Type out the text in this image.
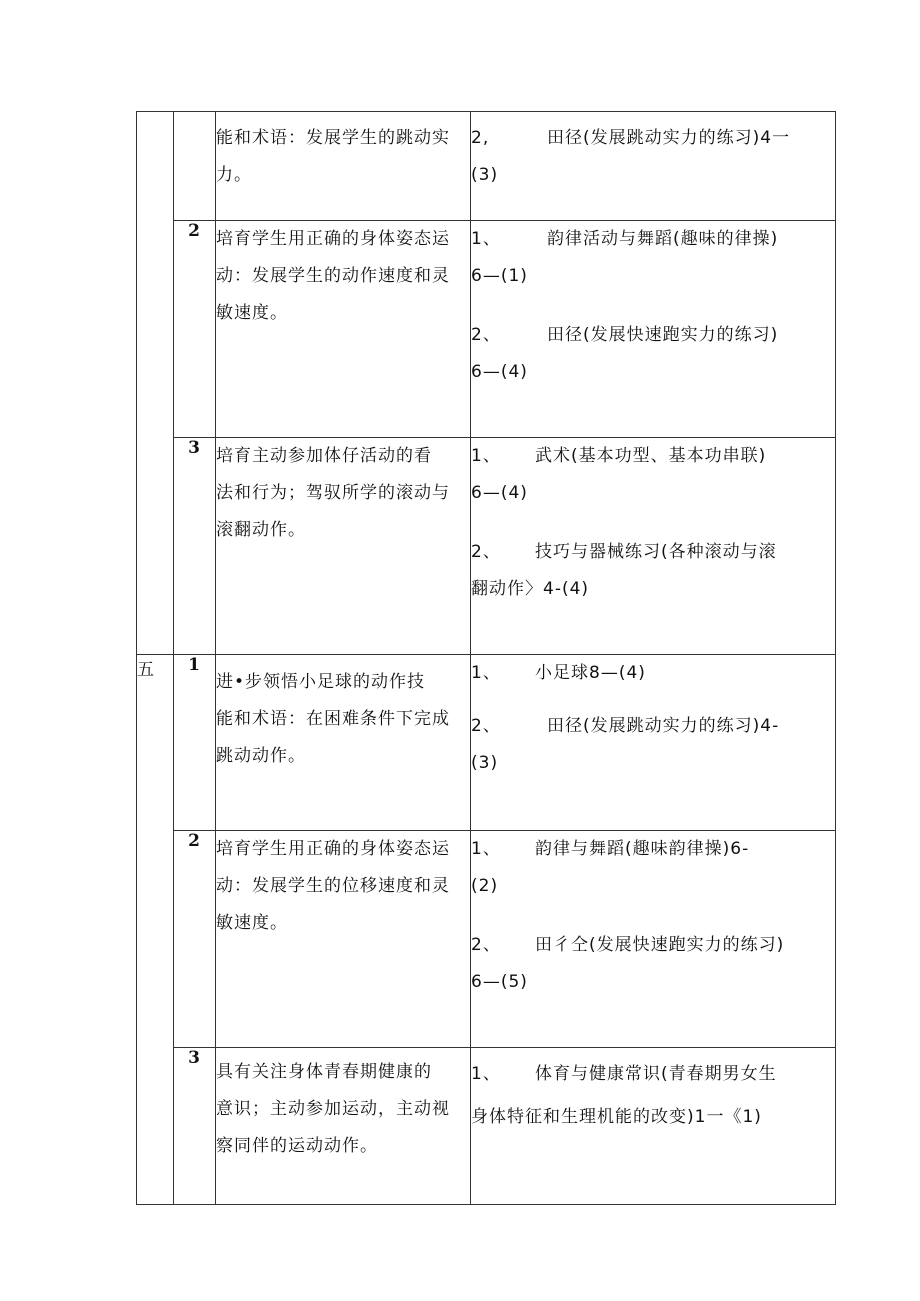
		能和术语：发展学生的跳动实
力。	2, 田径(发展跳动实力的练习)4一
(3)

	2	培育学生用正确的身体姿态运
动：发展学生的动作速度和灵
敏速度。	1、 韵律活动与舞蹈(趣味的律操)
6—(1)
2、 田径(发展快速跑实力的练习)
6—(4)

	3	培育主动参加体仔活动的看
法和行为；驾驭所学的滚动与
滚翻动作。	1、 武术(基本功型、基本功串联)
6—(4)
2、 技巧与器械练习(各种滚动与滚
翻动作〉4-(4)

五	1	进•步领悟小足球的动作技
能和术语：在困难条件下完成
跳动动作。	1、 小足球8—(4)
2、 田径(发展跳动实力的练习)4-
(3)

	2	培育学生用正确的身体姿态运
动：发展学生的位移速度和灵
敏速度。	1、 韵律与舞蹈(趣味韵律操)6-
(2)
2、 田彳仝(发展快速跑实力的练习)
6—(5)

	3	具有关注身体青春期健康的
意识；主动参加运动，主动视
察同伴的运动动作。	1、 体育与健康常识(青春期男女生
身体特征和生理机能的改变)1一《1)
